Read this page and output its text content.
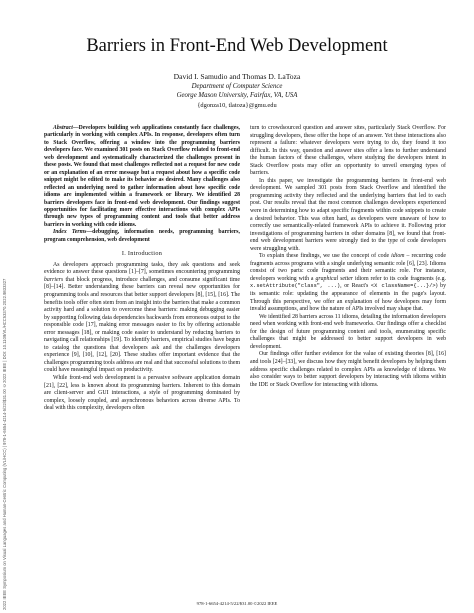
2022 IEEE Symposium on Visual Languages and Human-Centric Computing (VL/HCC) | 978-1-6654-4214-5/22/$31.00 ©2022 IEEE | DOI: 10.1109/VL/HCC53370.2022.9833327
Barriers in Front-End Web Development
David I. Samudio and Thomas D. LaToza
Department of Computer Science
George Mason University, Fairfax, VA, USA
{dgonza10, tlatoza}@gmu.edu

Abstract—Developers building web applications constantly face challenges, particularly in working with complex APIs. In response, developers often turn to Stack Overflow, offering a window into the programming barriers developers face. We examined 301 posts on Stack Overflow related to front-end web development and systematically characterized the challenges present in these posts. We found that most challenges reflected not a request for new code or an explanation of an error message but a request about how a specific code snippet might be edited to make its behavior as desired. Many challenges also reflected an underlying need to gather information about how specific code idioms are implemented within a framework or library. We identified 28 barriers developers face in front-end web development. Our findings suggest opportunities for facilitating more effective interactions with complex APIs through new types of programming content and tools that better address barriers in working with code idioms.

Index Terms—debugging, information needs, programming barriers, program comprehension, web development

I. Introduction

As developers approach programming tasks, they ask questions and seek evidence to answer these questions [1]–[7], sometimes encountering programming barriers that block progress, introduce challenges, and consume significant time [8]–[14]. Better understanding these barriers can reveal new opportunities for programming tools and resources that better support developers [8], [15], [16]. The benefits tools offer often stem from an insight into the barriers that make a common activity hard and a solution to overcome these barriers: making debugging easier by supporting following data dependencies backwards from erroneous output to the responsible code [17], making error messages easier to fix by offering actionable error messages [18], or making code easier to understand by reducing barriers to navigating call relationships [19]. To identify barriers, empirical studies have begun to catalog the questions that developers ask and the challenges developers experience [9], [10], [12], [20]. These studies offer important evidence that the challenges programming tools address are real and that successful solutions to them could have meaningful impact on productivity.

While front-end web development is a pervasive software application domain [21], [22], less is known about its programming barriers. Inherent to this domain are client-server and GUI interactions, a style of programming dominated by complex, loosely coupled, and asynchronous behaviors across diverse APIs. To deal with this complexity, developers often

turn to crowdsourced question and answer sites, particularly Stack Overflow. For struggling developers, these offer the hope of an answer. Yet these interactions also represent a failure: whatever developers were trying to do, they found it too difficult. In this way, question and answer sites offer a lens to further understand the human factors of these challenges, where studying the developers intent in Stack Overflow posts may offer an opportunity to unveil emerging types of barriers.

In this paper, we investigate the programming barriers in front-end web development. We sampled 301 posts from Stack Overflow and identified the programming activity they reflected and the underlying barriers that led to each post. Our results reveal that the most common challenges developers experienced were in determining how to adapt specific fragments within code snippets to create a desired behavior. This was often hard, as developers were unaware of how to correctly use semantically-related framework APIs to achieve it. Following prior investigations of programming barriers in other domains [8], we found that front-end web development barriers were strongly tied to the type of code developers were struggling with.

To explain these findings, we use the concept of code idiom – recurring code fragments across programs with a single underlying semantic role [6], [23]. Idioms consist of two parts: code fragments and their semantic role. For instance, developers working with a graphical setter idiom refer to its code fragments (e.g. x.setAttribute("class", ...), or React's <X className={...}/>) by its semantic role: updating the appearance of elements in the page's layout. Through this perspective, we offer an explanation of how developers may form invalid assumptions, and how the nature of APIs involved may shape that.

We identified 28 barriers across 11 idioms, detailing the information developers need when working with front-end web frameworks. Our findings offer a checklist for the design of future programming content and tools, enumerating specific challenges that might be addressed to better support developers in web development.

Our findings offer further evidence for the value of existing theories [8], [16] and tools [24]–[33], we discuss how they might benefit developers by helping them address specific challenges related to complex APIs as knowledge of idioms. We also consider ways to better support developers by interacting with idioms within the IDE or Stack Overflow for interacting with idioms.

978-1-6654-4214-5/22/$31.00 ©2022 IEEE
